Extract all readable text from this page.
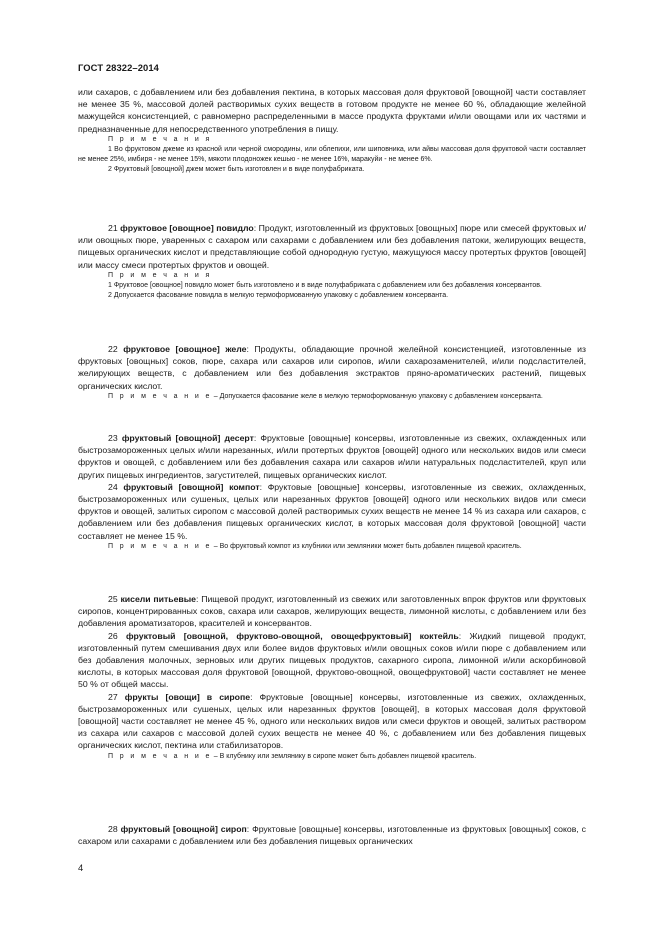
ГОСТ 28322–2014

или сахаров, с добавлением или без добавления пектина, в которых массовая доля фруктовой [овощной] части составляет не менее 35 %, массовой долей растворимых сухих веществ в готовом продукте не менее 60 %, обладающие желейной мажущейся консистенцией, с равномерно распределенными в массе продукта фруктами и/или овощами или их частями и предназначенные для непосредственного употребления в пищу.

П р и м е ч а н и я

1 Во фруктовом джеме из красной или черной смородины, или облепихи, или шиповника, или айвы массовая доля фруктовой части составляет не менее 25%, имбиря - не менее 15%, мякоти плодоножек кешью - не менее 16%, маракуйи - не менее 6%.

2 Фруктовый [овощной] джем может быть изготовлен и в виде полуфабриката.

21 фруктовое [овощное] повидло: Продукт, изготовленный из фруктовых [овощных] пюре или смесей фруктовых и/или овощных пюре, уваренных с сахаром или сахарами с добавлением или без добавления патоки, желирующих веществ, пищевых органических кислот и представляющие собой однородную густую, мажущуюся массу протертых фруктов [овощей] или массу смеси протертых фруктов и овощей.

П р и м е ч а н и я

1 Фруктовое [овощное] повидло может быть изготовлено и в виде полуфабриката с добавлением или без добавления консервантов.

2 Допускается фасование повидла в мелкую термоформованную упаковку с добавлением консерванта.

22 фруктовое [овощное] желе: Продукты, обладающие прочной желейной консистенцией, изготовленные из фруктовых [овощных] соков, пюре, сахара или сахаров или сиропов, и/или сахарозаменителей, и/или подсластителей, желирующих веществ, с добавлением или без добавления экстрактов пряно-ароматических растений, пищевых органических кислот.

П р и м е ч а н и е – Допускается фасование желе в мелкую термоформованную упаковку с добавлением консерванта.

23 фруктовый [овощной] десерт: Фруктовые [овощные] консервы, изготовленные из свежих, охлажденных или быстрозамороженных целых и/или нарезанных, и/или протертых фруктов [овощей] одного или нескольких видов или смеси фруктов и овощей, с добавлением или без добавления сахара или сахаров и/или натуральных подсластителей, круп или других пищевых ингредиентов, загустителей, пищевых органических кислот.

24 фруктовый [овощной] компот: Фруктовые [овощные] консервы, изготовленные из свежих, охлажденных, быстрозамороженных или сушеных, целых или нарезанных фруктов [овощей] одного или нескольких видов или смеси фруктов и овощей, залитых сиропом с массовой долей растворимых сухих веществ не менее 14 % из сахара или сахаров, с добавлением или без добавления пищевых органических кислот, в которых массовая доля фруктовой [овощной] части составляет не менее 15 %.

П р и м е ч а н и е – Во фруктовый компот из клубники или земляники может быть добавлен пищевой краситель.

25 кисели питьевые: Пищевой продукт, изготовленный из свежих или заготовленных впрок фруктов или фруктовых сиропов, концентрированных соков, сахара или сахаров, желирующих веществ, лимонной кислоты, с добавлением или без добавления ароматизаторов, красителей и консервантов.

26 фруктовый [овощной, фруктово-овощной, овощефруктовый] коктейль: Жидкий пищевой продукт, изготовленный путем смешивания двух или более видов фруктовых и/или овощных соков и/или пюре с добавлением или без добавления молочных, зерновых или других пищевых продуктов, сахарного сиропа, лимонной и/или аскорбиновой кислоты, в которых массовая доля фруктовой [овощной, фруктово-овощной, овощефруктовой] части составляет не менее 50 % от общей массы.

27 фрукты [овощи] в сиропе: Фруктовые [овощные] консервы, изготовленные из свежих, охлажденных, быстрозамороженных или сушеных, целых или нарезанных фруктов [овощей], в которых массовая доля фруктовой [овощной] части составляет не менее 45 %, одного или нескольких видов или смеси фруктов и овощей, залитых раствором из сахара или сахаров с массовой долей сухих веществ не менее 40 %, с добавлением или без добавления пищевых органических кислот, пектина или стабилизаторов.

П р и м е ч а н и е – В клубнику или землянику в сиропе может быть добавлен пищевой краситель.

28 фруктовый [овощной] сироп: Фруктовые [овощные] консервы, изготовленные из фруктовых [овощных] соков, с сахаром или сахарами с добавлением или без добавления пищевых органических

4
